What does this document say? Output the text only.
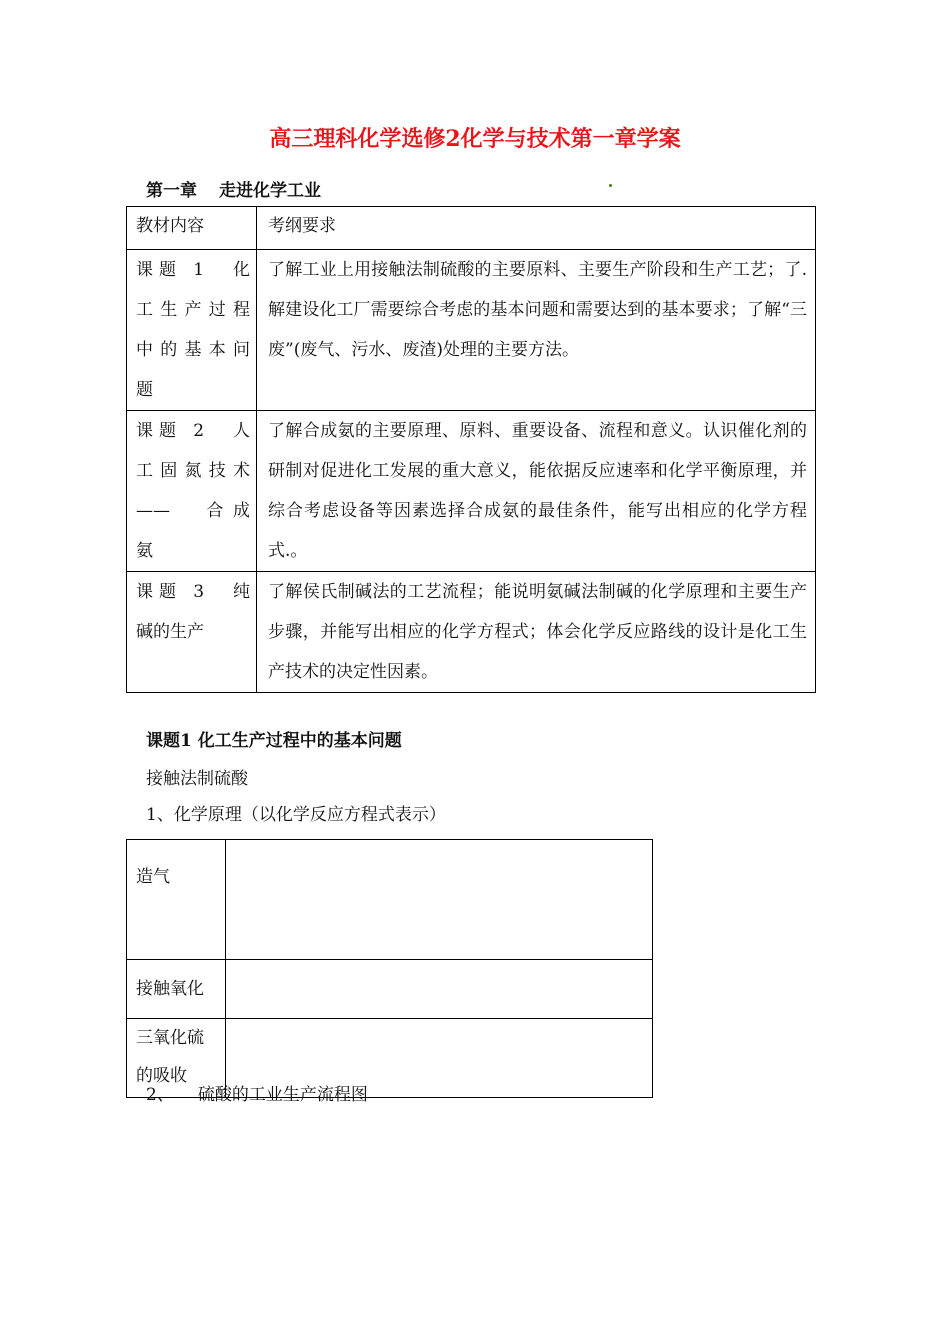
高三理科化学选修2化学与技术第一章学案
第一章 走进化学工业
教材内容	考纲要求

课题 1　化
工生产过程
中的基本问
题	了解工业上用接触法制硫酸的主要原料、主要生产阶段和生产工艺；了.解建设化工厂需要综合考虑的基本问题和需要达到的基本要求；了解“三废”(废气、污水、废渣)处理的主要方法。

课题 2　人
工固氮技术
——　合成
氨	了解合成氨的主要原理、原料、重要设备、流程和意义。认识催化剂的研制对促进化工发展的重大意义，能依据反应速率和化学平衡原理，并综合考虑设备等因素选择合成氨的最佳条件，能写出相应的化学方程式.。

课题 3　纯
碱的生产	了解侯氏制碱法的工艺流程；能说明氨碱法制碱的化学原理和主要生产步骤，并能写出相应的化学方程式；体会化学反应路线的设计是化工生产技术的决定性因素。
课题1 化工生产过程中的基本问题
接触法制硫酸
1、化学原理（以化学反应方程式表示）
造气	

接触氧化	

三氧化硫
的吸收	

2、 硫酸的工业生产流程图
